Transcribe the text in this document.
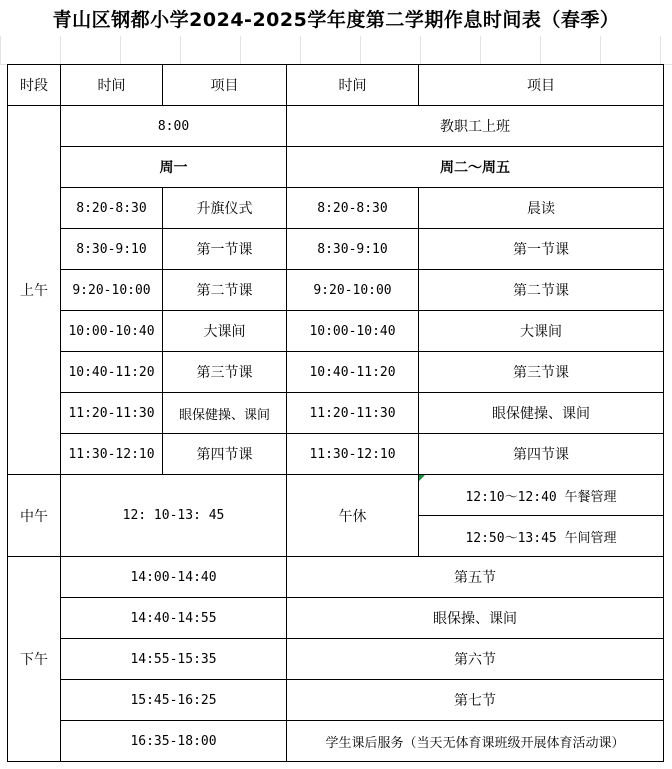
青山区钢都小学2024-2025学年度第二学期作息时间表（春季）
时段	时间	项目	时间	项目
上午	8:00		教职工上班	
	周一		周二～周五	
	8:20-8:30	升旗仪式	8:20-8:30	晨读
	8:30-9:10	第一节课	8:30-9:10	第一节课
	9:20-10:00	第二节课	9:20-10:00	第二节课
	10:00-10:40	大课间	10:00-10:40	大课间
	10:40-11:20	第三节课	10:40-11:20	第三节课
	11:20-11:30	眼保健操、课间	11:20-11:30	眼保健操、课间
	11:30-12:10	第四节课	11:30-12:10	第四节课
中午	12: 10-13: 45		午休	12:10～12:40 午餐管理
				12:50～13:45 午间管理
下午	14:00-14:40		第五节	
	14:40-14:55		眼保操、课间	
	14:55-15:35		第六节	
	15:45-16:25		第七节	
	16:35-18:00		学生课后服务（当天无体育课班级开展体育活动课）	
